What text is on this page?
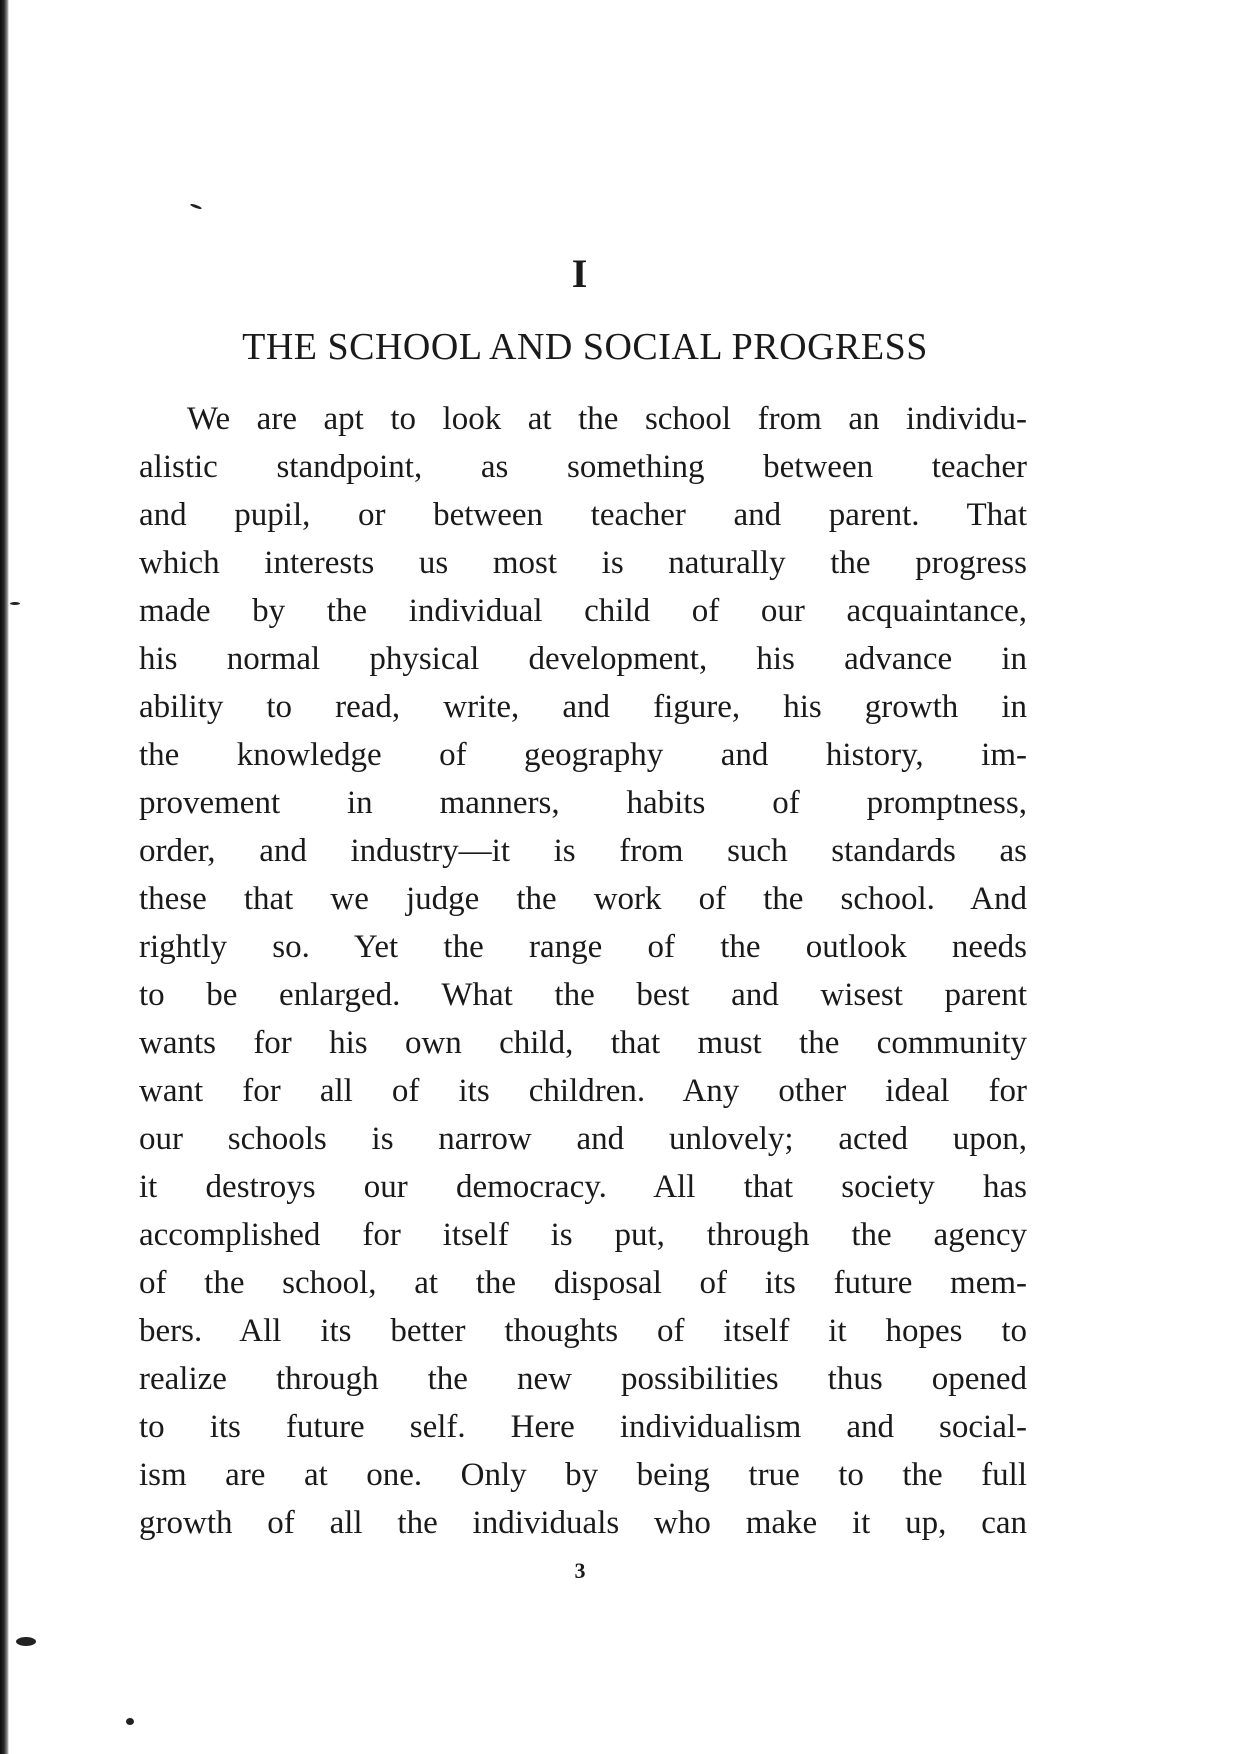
I
THE SCHOOL AND SOCIAL PROGRESS
We are apt to look at the school from an individu-
alistic standpoint, as something between teacher
and pupil, or between teacher and parent. That
which interests us most is naturally the progress
made by the individual child of our acquaintance,
his normal physical development, his advance in
ability to read, write, and figure, his growth in
the knowledge of geography and history, im-
provement in manners, habits of promptness,
order, and industry—it is from such standards as
these that we judge the work of the school. And
rightly so. Yet the range of the outlook needs
to be enlarged. What the best and wisest parent
wants for his own child, that must the community
want for all of its children. Any other ideal for
our schools is narrow and unlovely; acted upon,
it destroys our democracy. All that society has
accomplished for itself is put, through the agency
of the school, at the disposal of its future mem-
bers. All its better thoughts of itself it hopes to
realize through the new possibilities thus opened
to its future self. Here individualism and social-
ism are at one. Only by being true to the full
growth of all the individuals who make it up, can
3
